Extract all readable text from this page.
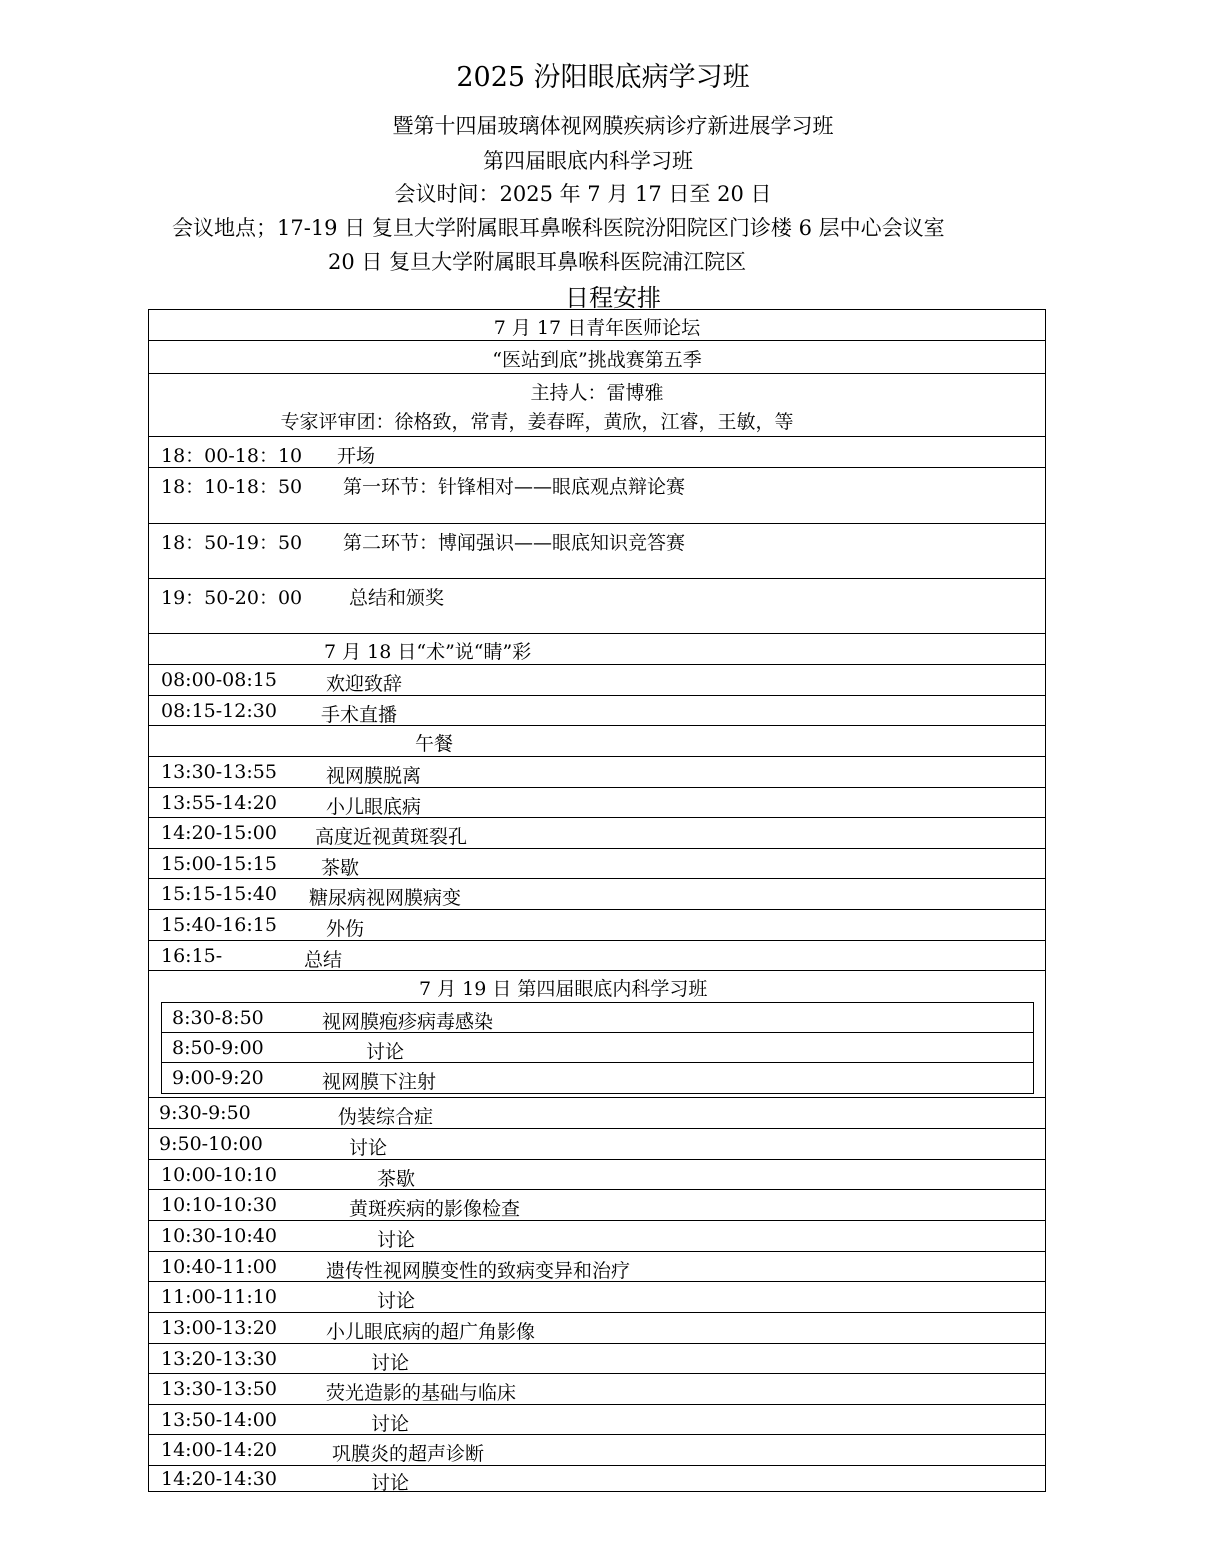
2025 汾阳眼底病学习班
暨第十四届玻璃体视网膜疾病诊疗新进展学习班
第四届眼底内科学习班
会议时间：2025 年 7 月 17 日至 20 日
会议地点；17-19 日 复旦大学附属眼耳鼻喉科医院汾阳院区门诊楼 6 层中心会议室
20 日 复旦大学附属眼耳鼻喉科医院浦江院区
日程安排
7 月 17 日青年医师论坛
“医站到底”挑战赛第五季
主持人：雷博雅
专家评审团：徐格致，常青，姜春晖，黄欣，江睿，王敏，等
18：00-18：10 开场
18：10-18：50 第一环节：针锋相对——眼底观点辩论赛
18：50-19：50 第二环节：博闻强识——眼底知识竞答赛
19：50-20：00 总结和颁奖
7 月 18 日“术”说“睛”彩
08:00-08:15	欢迎致辞
08:15-12:30 手术直播
午餐
13:30-13:55	视网膜脱离
13:55-14:20	小儿眼底病
14:20-15:00 高度近视黄斑裂孔
15:00-15:15 茶歇
15:15-15:40 糖尿病视网膜病变
15:40-16:15	外伤
16:15-	总结
7 月 19 日 第四届眼底内科学习班
8:30-8:50	视网膜疱疹病毒感染
8:50-9:00	讨论
9:00-9:20	视网膜下注射
9:30-9:50	伪装综合症
9:50-10:00	讨论
10:00-10:10	茶歇
10:10-10:30	黄斑疾病的影像检查
10:30-10:40	讨论
10:40-11:00	遗传性视网膜变性的致病变异和治疗
11:00-11:10	讨论
13:00-13:20	小儿眼底病的超广角影像
13:20-13:30	讨论
13:30-13:50	荧光造影的基础与临床
13:50-14:00	讨论
14:00-14:20	巩膜炎的超声诊断
14:20-14:30	讨论
